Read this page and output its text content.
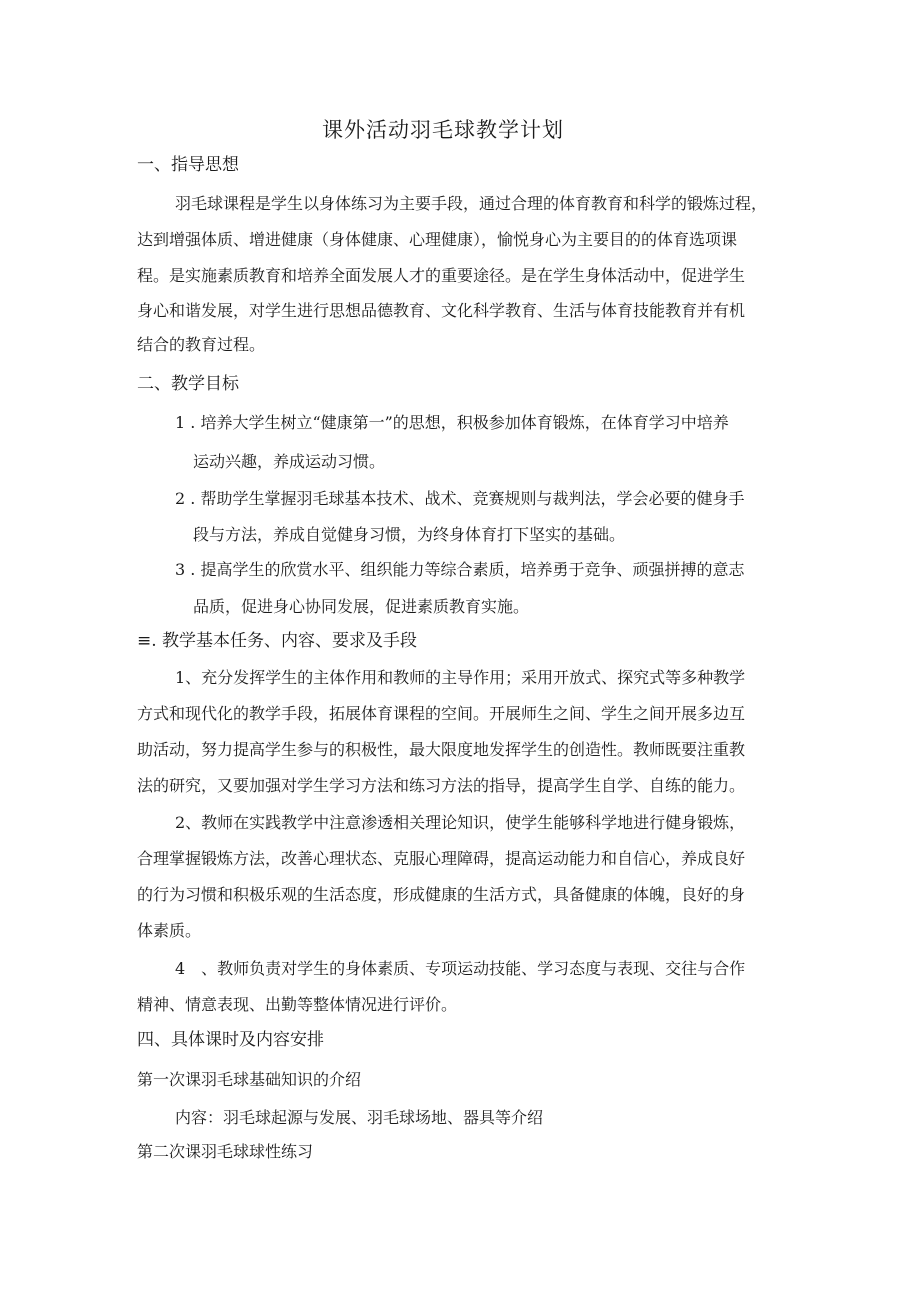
课外活动羽毛球教学计划
一、指导思想
羽毛球课程是学生以身体练习为主要手段，通过合理的体育教育和科学的锻炼过程，
达到增强体质、增进健康（身体健康、心理健康），愉悦身心为主要目的的体育选项课
程。是实施素质教育和培养全面发展人才的重要途径。是在学生身体活动中，促进学生
身心和谐发展，对学生进行思想品德教育、文化科学教育、生活与体育技能教育并有机
结合的教育过程。
二、教学目标
1 . 培养大学生树立“健康第一”的思想，积极参加体育锻炼，在体育学习中培养
运动兴趣，养成运动习惯。
2 . 帮助学生掌握羽毛球基本技术、战术、竞赛规则与裁判法，学会必要的健身手
段与方法，养成自觉健身习惯，为终身体育打下坚实的基础。
3 . 提高学生的欣赏水平、组织能力等综合素质，培养勇于竞争、顽强拼搏的意志
品质，促进身心协同发展，促进素质教育实施。
≡. 教学基本任务、内容、要求及手段
1、充分发挥学生的主体作用和教师的主导作用；采用开放式、探究式等多种教学
方式和现代化的教学手段，拓展体育课程的空间。开展师生之间、学生之间开展多边互
助活动，努力提高学生参与的积极性，最大限度地发挥学生的创造性。教师既要注重教
法的研究，又要加强对学生学习方法和练习方法的指导，提高学生自学、自练的能力。
2、教师在实践教学中注意渗透相关理论知识，使学生能够科学地进行健身锻炼，
合理掌握锻炼方法，改善心理状态、克服心理障碍，提高运动能力和自信心，养成良好
的行为习惯和积极乐观的生活态度，形成健康的生活方式，具备健康的体魄，良好的身
体素质。
4　、教师负责对学生的身体素质、专项运动技能、学习态度与表现、交往与合作
精神、情意表现、出勤等整体情况进行评价。
四、具体课时及内容安排
第一次课羽毛球基础知识的介绍
内容：羽毛球起源与发展、羽毛球场地、器具等介绍
第二次课羽毛球球性练习
